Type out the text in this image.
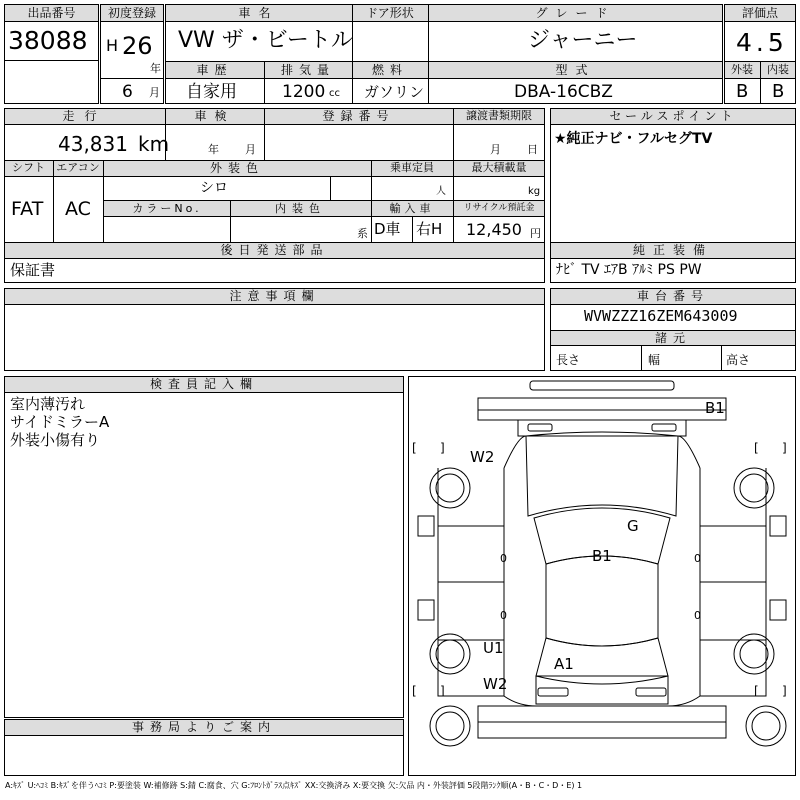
出品番号
38088
初度登録
H 26
年
6 月
車名
VW ザ・ビートル
ドア形状	グレード
ジャーニー
車歴
自家用
排気量
1200 cc
燃料
ガソリン
型式
DBA-16CBZ
評価点
4.5
外装	内装
B B
走行
43,831 km
車検
年 月
登録番号	譲渡書類期限
月 日
シフト
FAT
エアコン
AC
外装色
シロ
乗車定員
人
最大積載量
kg
カラーNo.	内装色
系
輸入車
D車 右H
リサイクル預託金
12,450 円
セールスポイント
★純正ナビ・フルセグTV
後日発送部品
保証書
純正装備
ﾅﾋﾞ TV ｴｱB ｱﾙﾐ PS PW
注意事項欄	車台番号
WVWZZZ16ZEM643009
諸元
長さ	幅	高さ
検査員記入欄
室内薄汚れ
サイドミラーA
外装小傷有り
事務局よりご案内
B1
W2
G
B1
U1
A1
W2
[ ]	[ ]
[ ]	[ ]
0	0
0	0
A:ｷｽﾞ U:ﾍｺﾐ B:ｷｽﾞを伴うﾍｺﾐ P:要塗装 W:補修跡 S:錆 C:腐食、穴 G:ﾌﾛﾝﾄｶﾞﾗｽ点ｷｽﾞ XX:交換済み X:要交換 欠:欠品 内・外装評価 5段階ﾗﾝｸ順(A・B・C・D・E) 1
